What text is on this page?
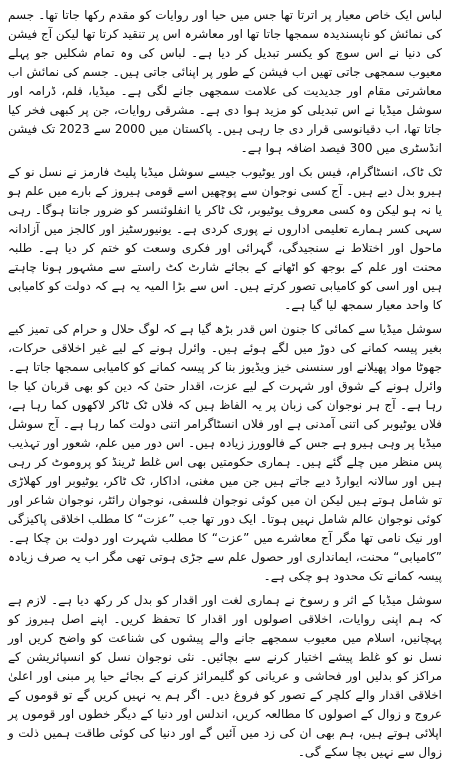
لباس ایک خاص معیار پر اترتا تھا جس میں حیا اور روایات کو مقدم رکھا جاتا تھا۔ جسم کی نمائش کو ناپسندیدہ سمجھا جاتا تھا اور معاشرہ اس پر تنقید کرتا تھا لیکن آج فیشن کی دنیا نے اس سوچ کو یکسر تبدیل کر دیا ہے۔ لباس کی وہ تمام شکلیں جو پہلے معیوب سمجھی جاتی تھیں اب فیشن کے طور پر اپنائی جاتی ہیں۔ جسم کی نمائش اب معاشرتی مقام اور جدیدیت کی علامت سمجھی جانے لگی ہے۔ میڈیا، فلم، ڈرامہ اور سوشل میڈیا نے اس تبدیلی کو مزید ہوا دی ہے۔ مشرقی روایات، جن پر کبھی فخر کیا جاتا تھا، اب دقیانوسی قرار دی جا رہی ہیں۔ پاکستان میں 2000 سے 2023 تک فیشن انڈسٹری میں 300 فیصد اضافہ ہوا ہے۔

ٹک ٹاک، انسٹاگرام، فیس بک اور یوٹیوب جیسے سوشل میڈیا پلیٹ فارمز نے نسل نو کے ہیرو بدل دیے ہیں۔ آج کسی نوجوان سے پوچھیں اسے قومی ہیروز کے بارے میں علم ہو یا نہ ہو لیکن وہ کسی معروف یوٹیوبر، ٹک ٹاکر یا انفلوئنسر کو ضرور جانتا ہوگا۔ رہی سہی کسر ہمارے تعلیمی اداروں نے پوری کردی ہے۔ یونیورسٹیز اور کالجز میں آزادانہ ماحول اور اختلاط نے سنجیدگی، گہرائی اور فکری وسعت کو ختم کر دیا ہے۔ طلبہ محنت اور علم کے بوجھ کو اٹھانے کے بجائے شارٹ کٹ راستے سے مشہور ہونا چاہتے ہیں اور اسی کو کامیابی تصور کرتے ہیں۔ اس سے بڑا المیہ یہ ہے کہ دولت کو کامیابی کا واحد معیار سمجھ لیا گیا ہے۔

سوشل میڈیا سے کمائی کا جنون اس قدر بڑھ گیا ہے کہ لوگ حلال و حرام کی تمیز کیے بغیر پیسہ کمانے کی دوڑ میں لگے ہوئے ہیں۔ وائرل ہونے کے لیے غیر اخلاقی حرکات، جھوٹا مواد پھیلانے اور سنسنی خیز ویڈیوز بنا کر پیسہ کمانے کو کامیابی سمجھا جاتا ہے۔ وائرل ہونے کے شوق اور شہرت کے لیے عزت، اقدار حتیٰ کہ دین کو بھی قربان کیا جا رہا ہے۔ آج ہر نوجوان کی زبان پر یہ الفاظ ہیں کہ فلاں ٹک ٹاکر لاکھوں کما رہا ہے، فلاں یوٹیوبر کی اتنی آمدنی ہے اور فلاں انسٹاگرامر اتنی دولت کما رہا ہے۔ آج سوشل میڈیا پر وہی ہیرو ہے جس کے فالوورز زیادہ ہیں۔ اس دور میں علم، شعور اور تہذیب پس منظر میں چلے گئے ہیں۔ ہماری حکومتیں بھی اس غلط ٹرینڈ کو پروموٹ کر رہی ہیں اور سالانہ ایوارڈ دیے جاتے ہیں جن میں مغنی، اداکار، ٹک ٹاکر، یوٹیوبر اور کھلاڑی تو شامل ہوتے ہیں لیکن ان میں کوئی نوجوان فلسفی، نوجوان رائٹر، نوجوان شاعر اور کوئی نوجوان عالم شامل نہیں ہوتا۔ ایک دور تھا جب ”عزت“ کا مطلب اخلاقی پاکیزگی اور نیک نامی تھا مگر آج معاشرے میں ”عزت“ کا مطلب شہرت اور دولت بن چکا ہے۔ ”کامیابی“ محنت، ایمانداری اور حصول علم سے جڑی ہوتی تھی مگر اب یہ صرف زیادہ پیسہ کمانے تک محدود ہو چکی ہے۔

سوشل میڈیا کے اثر و رسوخ نے ہماری لغت اور اقدار کو بدل کر رکھ دیا ہے۔ لازم ہے کہ ہم اپنی روایات، اخلاقی اصولوں اور اقدار کا تحفظ کریں۔ اپنے اصل ہیروز کو پہچانیں، اسلام میں معیوب سمجھے جانے والے پیشوں کی شناعت کو واضح کریں اور نسل نو کو غلط پیشے اختیار کرنے سے بچائیں۔ نئی نوجوان نسل کو انسپائریشن کے مراکز کو بدلیں اور فحاشی و عریانی کو گلیمرائز کرنے کے بجائے حیا پر مبنی اور اعلیٰ اخلاقی اقدار والے کلچر کے تصور کو فروغ دیں۔ اگر ہم یہ نہیں کریں گے تو قوموں کے عروج و زوال کے اصولوں کا مطالعہ کریں، اندلس اور دنیا کے دیگر خطوں اور قوموں پر اپلائی ہوتے ہیں، ہم بھی ان کی زد میں آئیں گے اور دنیا کی کوئی طاقت ہمیں ذلت و زوال سے نہیں بچا سکے گی۔
